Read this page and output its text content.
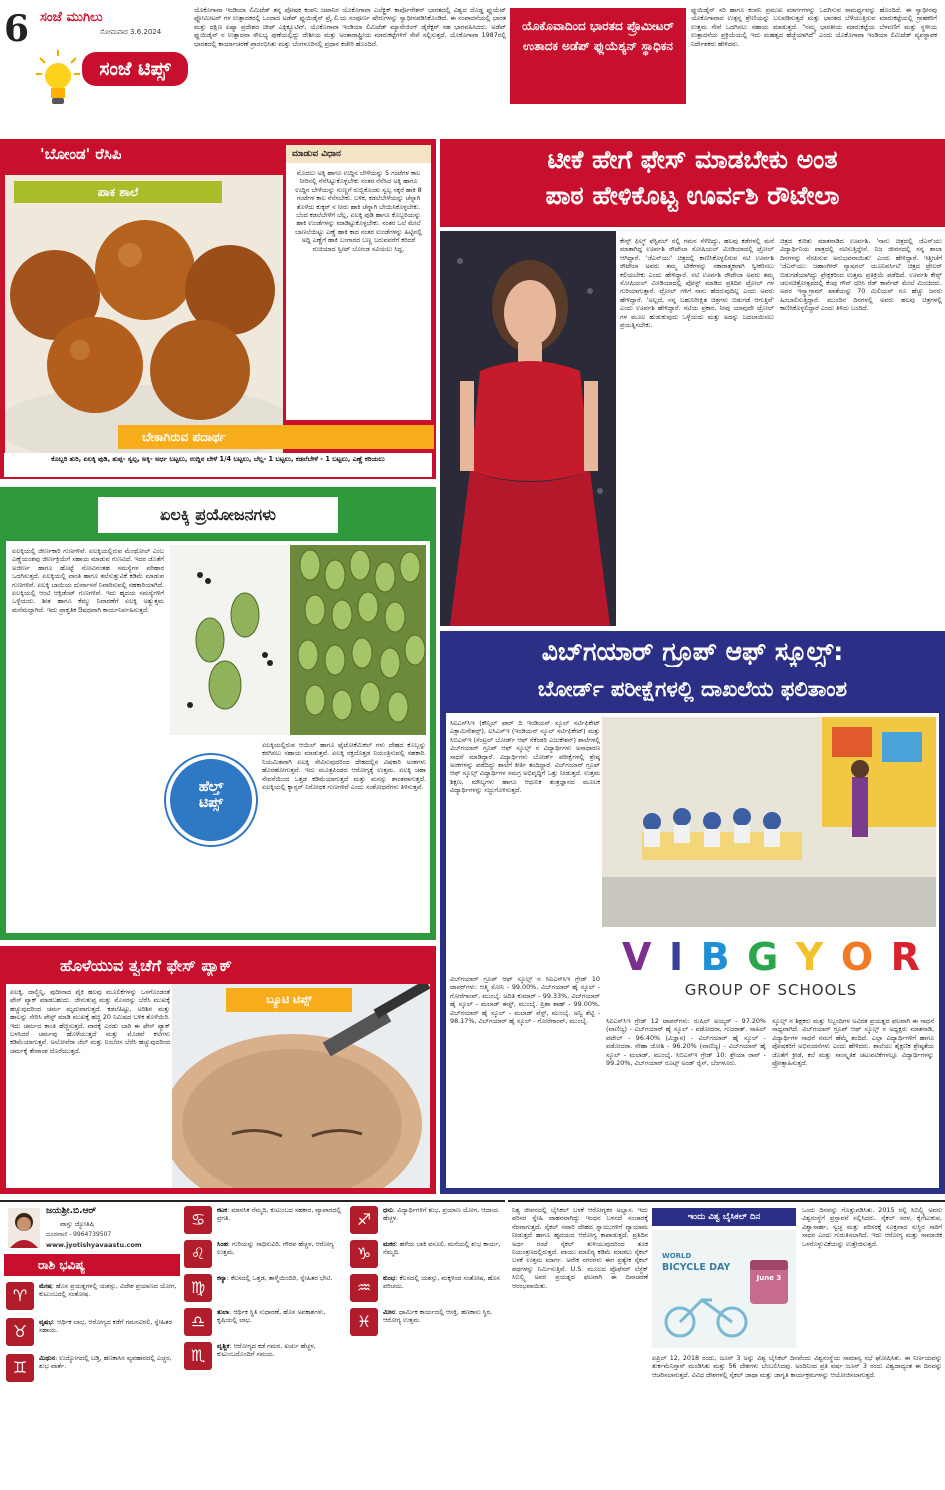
6 ಸಂಜೆ ಮುಗಿಲು
ಸೋಮವಾರ 3.6.2024
ಸಂಜೆ ಟಿಪ್ಸ್
ಯೊಕೊಗಾವಾ ಇಂಡಿಯಾ ಲಿಮಿಟೆಡ್ ತನ್ನ ಪೋಷಕ ಕಂಪನಿ ಜಪಾನಿನ ಯೊಕೊಗಾವಾ ಎಲೆಕ್ಟ್ರಿಕ್ ಕಾರ್ಪೊರೇಶನ್ ಭಾರತದಲ್ಲಿ ವಿಶ್ವದ ದೊಡ್ಡ ಫ್ಲುಯೆಟ್ ಫ್ಲೋಮೀಟರ್ ಗಳ ಉತ್ಪಾದಕರಲ್ಲಿ ಒಂದಾದ ಅಡೆಪ್ ಫ್ಲುಯಿಡೈನ್ ಪ್ರೈ.ಲಿ.ಯ ಸಂಪೂರ್ಣ ಷೇರುಗಳನ್ನು ಸ್ವಾಧೀನಪಡಿಸಿಕೊಂಡಿದೆ. ಈ ಸಂಪಾದನೆಯಲ್ಲಿ ಭಾರತ ಮತ್ತು ದಕ್ಷಿಣ ಏಷ್ಯಾ ಪ್ರದೇಶದ ಚೀಫ್ ಎಕ್ಸಿಕ್ಯೂಟಿವ್, ಯೊಕೊಗಾವಾ ಇಂಡಿಯಾ ಲಿಮಿಟೆಡ್ ಮ್ಯಾನೇಜಿಂಗ್ ಡೈರೆಕ್ಟರ್ ಸಹ ಭಾಗವಹಿಸಿದರು. ಅಡೆಪ್ ಫ್ಲುಯಿಡೈನ್ ನ ಉತ್ಪಾದನಾ ಸೌಲಭ್ಯ ಪುಣೆಯಲ್ಲಿದ್ದು ದೇಶೀಯ ಮತ್ತು ಅಂತಾರಾಷ್ಟ್ರೀಯ ಮಾರುಕಟ್ಟೆಗಳಿಗೆ ಸೇವೆ ಸಲ್ಲಿಸುತ್ತದೆ. ಯೊಕೊಗಾವಾ 1987ರಲ್ಲಿ ಭಾರತದಲ್ಲಿ ಕಾರ್ಯಾಚರಣೆ ಪ್ರಾರಂಭಿಸಿತು ಮತ್ತು ಬೆಂಗಳೂರಿನಲ್ಲಿ ಪ್ರಧಾನ ಕಚೇರಿ ಹೊಂದಿದೆ.
ಯೊಕೊವಾದಿಂದ ಭಾರತದ ಪ್ರೊಮೀಟರ್ ಉತಾದಕ ಅಡೆಪ್ ಫ್ಲುಯೆಶ್ಯನ್ ಸ್ಥಾಧಿಕನ
ಫ್ಲುಯಿಡೈನ್ ಸರಿ ಹಾಗೂ ಕಂಪನಿ ಪ್ರಮುಖ ಮಾರ್ಗಗಳನ್ನು ಒದಗಿಸುವ ಸಾಮರ್ಥ್ಯವನ್ನು ಹೊಂದಿದೆ. ಈ ಸ್ವಾಧೀನವು ಯೊಕೊಗಾವಾದ ಉತ್ಪನ್ನ ಶ್ರೇಣಿಯನ್ನು ಬಲಪಡಿಸುತ್ತದೆ ಮತ್ತು ಭಾರತದ ಬೆಳೆಯುತ್ತಿರುವ ಮಾರುಕಟ್ಟೆಯಲ್ಲಿ ಗ್ರಾಹಕರಿಗೆ ಉತ್ತಮ ಸೇವೆ ಒದಗಿಸಲು ಸಹಾಯ ಮಾಡುತ್ತದೆ. "ನಮ್ಮ ಭಾರತೀಯ ಮಾರುಕಟ್ಟೆಯ ಬೆಳವಣಿಗೆ ಮತ್ತು ಸ್ಥಳೀಯ ಉತ್ಪಾದನೆಯ ಪ್ರಕ್ರಿಯೆಯಲ್ಲಿ ಇದು ಮಹತ್ವದ ಹೆಜ್ಜೆಯಾಗಿದೆ" ಎಂದು ಯೊಕೊಗಾವಾ ಇಂಡಿಯಾ ಲಿಮಿಟೆಡ್ ವ್ಯವಸ್ಥಾಪಕ ನಿರ್ದೇಶಕರು ಹೇಳಿದರು.
'ಬೋಂಡ' ರೆಸಿಪಿ
ಪಾಕ ಶಾಲೆ
ಮಾಡುವ ವಿಧಾನ
ಮೊದಲು ಅಕ್ಕಿ ಹಾಗೂ ಉದ್ದಿನ ಬೇಳೆಯನ್ನು 5 ಗಂಟೆಗಳ ಕಾಲ ನೀರಿನಲ್ಲಿ ನೆನೆಸಿಟ್ಟುಕೊಳ್ಳಬೇಕು ನಂತರ ನೆನೆಸಿದ ಅಕ್ಕಿ ಹಾಗೂ ಉದ್ದಿನ ಬೇಳೆಯನ್ನು ನುಣ್ಣಗೆ ರುಬ್ಬಿಕೊಂಡು ಸ್ವಲ್ಪ ಸಕ್ಕರೆ ಹಾಕಿ 8 ಗಂಟೆಗಳ ಕಾಲ ನೆನೆಸಬೇಕು. ಬಳಿಕ, ಕಡಲೆಬೇಳೆಯನ್ನು ಚೆನ್ನಾಗಿ ತೊಳೆದು ಕುಕ್ಕರ್ ನ ನೀರು ಹಾಕಿ ಚೆನ್ನಾಗಿ ಬೇಯಿಸಿಕೊಳ್ಳಬೇಕು. ಬೆಂದ ಕಡಲೆಬೇಳೆಗೆ ಬೆಲ್ಲ, ಏಲಕ್ಕಿ ಪುಡಿ ಹಾಗೂ ಕೊಬ್ಬರಿಯನ್ನು ಹಾಕಿ ಉಂಡೆಗಳನ್ನು ಮಾಡಿಟ್ಟುಕೊಳ್ಳಬೇಕು. ನಂತರ ಒಲೆ ಮೇಲೆ ಬಾಣಲೆಯಿಟ್ಟು ಎಣ್ಣೆ ಹಾಕಿ ಕಾದ ನಂತರ ಉಂಡೆಗಳನ್ನು ಹಿಟ್ಟಿನಲ್ಲಿ ಅದ್ದಿ ಎಣ್ಣೆಗೆ ಹಾಕಿ ಬಂಗಾರದ ಬಣ್ಣ ಬರುವವರೆಗೆ ಕರಿದರೆ ರುಚಿಯಾದ ಸ್ವೀಟ್ ಬೋಂಡ ಸವಿಯಲು ಸಿದ್ಧ.
ಬೇಕಾಗಿರುವ ಪದಾರ್ಥ
ಕೊಬ್ಬರಿ ತುರಿ, ಏಲಕ್ಕಿ ಪುಡಿ, ತುಪ್ಪ- ಸ್ವಲ್ಪ, ಅಕ್ಕಿ- ಅರ್ಧ ಬಟ್ಟಲು, ಉದ್ದಿನ ಬೇಳೆ 1/4 ಬಟ್ಟಲು, ಬೆಲ್ಲ- 1 ಬಟ್ಟಲು, ಕಡಲೆಬೇಳೆ - 1 ಬಟ್ಟಲು, ಎಣ್ಣೆ ಕರಿಯಲು
ಏಲಕ್ಕಿ ಪ್ರಯೋಜನಗಳು
ಏಲಕ್ಕಿಯಲ್ಲಿ ಜೀರ್ಣಕಾರಿ ಗುಣಗಳಿವೆ. ಏಲಕ್ಕಿಯಲ್ಲಿರುವ ಮೆಂಥೋಲ್ ಎಂಬ ಎಣ್ಣೆಯಂಶವು ಜೀರ್ಣಕ್ರಿಯೆಗೆ ಸಹಾಯ ಮಾಡುವ ಗುಣವಿದೆ. ಇದರ ಜೊತೆಗೆ ಅಜೀರ್ಣ ಹಾಗೂ ಹೊಟ್ಟೆ ನೋವಿನಂತಹ ಸಮಸ್ಯೆಗಳ ಪರಿಹಾರ ಒದಗಿಸುತ್ತದೆ. ಏಲಕ್ಕಿಯಲ್ಲಿ ವಾಂತಿ ಹಾಗೂ ತಲೆಸುತ್ತುವಿಕೆ ಕಡಿಮೆ ಮಾಡುವ ಗುಣಗಳಿವೆ. ಏಲಕ್ಕಿ ಬಾಯಿಯ ದುರ್ವಾಸನೆ ನಿವಾರಿಸುವಲ್ಲಿ ಸಹಕಾರಿಯಾಗಿದೆ. ಏಲಕ್ಕಿಯಲ್ಲಿ ಆಂಟಿ ಆಕ್ಸಿಡೆಂಟ್ ಗುಣಗಳಿವೆ. ಇದು ಹೃದಯ ಸಮಸ್ಯೆಗಳಿಗೆ ಒಳ್ಳೆಯದು. ಶೀತ ಹಾಗೂ ಕೆಮ್ಮು ನಿವಾರಣೆಗೆ ಏಲಕ್ಕಿ ಅತ್ಯುತ್ತಮ ಮನೆಮದ್ದಾಗಿದೆ. ಇದು ಪ್ರಾಕೃತಿಕ ಔಷಧವಾಗಿ ಕಾರ್ಯನಿರ್ವಹಿಸುತ್ತದೆ.
ಹೆಲ್ತ್
ಟಿಪ್ಸ್
ಏಲಕ್ಕಿಯಲ್ಲಿರುವ ಆಯಿಲ್ ಹಾಗೂ ಫೈಟೋಕೆಮಿಕಲ್ ಗಳು ದೇಹದ ಕೊಬ್ಬನ್ನು ಕರಗಿಸಲು ಸಹಾಯ ಮಾಡುತ್ತವೆ. ಏಲಕ್ಕಿ ರಕ್ತದೊತ್ತಡ ನಿಯಂತ್ರಿಸುವಲ್ಲಿ ಸಹಕಾರಿ. ನಿಯಮಿತವಾಗಿ ಏಲಕ್ಕಿ ಸೇವಿಸುವುದರಿಂದ ದೇಹದಲ್ಲಿನ ವಿಷಕಾರಿ ಅಂಶಗಳು ಹೊರಹೋಗುತ್ತವೆ. ಇದು ಮೂತ್ರಪಿಂಡದ ಆರೋಗ್ಯಕ್ಕೆ ಉತ್ತಮ. ಏಲಕ್ಕಿ ಚಹಾ ಸೇವನೆಯಿಂದ ಒತ್ತಡ ಕಡಿಮೆಯಾಗುತ್ತದೆ ಮತ್ತು ಮನಸ್ಸು ಶಾಂತವಾಗುತ್ತದೆ. ಏಲಕ್ಕಿಯಲ್ಲಿ ಕ್ಯಾನ್ಸರ್ ನಿರೋಧಕ ಗುಣಗಳಿವೆ ಎಂದು ಸಂಶೋಧನೆಗಳು ತಿಳಿಸುತ್ತವೆ.
ಹೊಳೆಯುವ ತ್ವಚೆಗೆ ಫೇಸ್ ಪ್ಯಾಕ್
ಏಲಕ್ಕಿ, ದಾಲ್ಚಿನ್ನಿ, ಪುದೀನಾದ ಪೈಕಿ ಹಲವು ಮೂಲಿಕೆಗಳನ್ನು ಒಳಗೊಂಡಂತೆ ಫೇಸ್ ಪ್ಯಾಕ್ ಮಾಡಬಹುದು. ಜೇನುತುಪ್ಪ ಮತ್ತು ಮೊಸರನ್ನು ಬೆರೆಸಿ ಮುಖಕ್ಕೆ ಹಚ್ಚುವುದರಿಂದ ಚರ್ಮ ಮೃದುವಾಗುತ್ತದೆ. ಕಡಲೆಹಿಟ್ಟು, ಅರಿಶಿನ ಮತ್ತು ಹಾಲನ್ನು ಸೇರಿಸಿ ಪೇಸ್ಟ್ ಮಾಡಿ ಮುಖಕ್ಕೆ ಹಚ್ಚಿ 20 ನಿಮಿಷದ ಬಳಿಕ ತೊಳೆಯಿರಿ. ಇದು ಚರ್ಮದ ಕಾಂತಿ ಹೆಚ್ಚಿಸುತ್ತದೆ. ವಾರಕ್ಕೆ ಎರಡು ಬಾರಿ ಈ ಫೇಸ್ ಪ್ಯಾಕ್ ಬಳಸಿದರೆ ಚರ್ಮವು ಹೊಳೆಯುತ್ತದೆ ಮತ್ತು ಮೊಡವೆ ಕಲೆಗಳು ಕಡಿಮೆಯಾಗುತ್ತವೆ. ಅಲೋವೆರಾ ಜೆಲ್ ಮತ್ತು ನಿಂಬೆರಸ ಬೆರೆಸಿ ಹಚ್ಚುವುದರಿಂದ ಚರ್ಮಕ್ಕೆ ತೇವಾಂಶ ದೊರೆಯುತ್ತದೆ.
ಬ್ಯೂಟಿ ಟಿಪ್ಸ್
ಟೀಕೆ ಹೇಗೆ ಫೇಸ್ ಮಾಡಬೇಕು ಅಂತ
ಪಾಠ ಹೇಳಿಕೊಟ್ಟ ಊರ್ವಶಿ ರೌಟೇಲಾ
ಕೇನ್ಸ್ ಫಿಲ್ಮ್ ಫೆಸ್ಟಿವಲ್ ನಲ್ಲಿ ಗಮನ ಸೆಳೆದಿದ್ದು, ಹಲವು ಕಡೆಗಳಲ್ಲಿ ಮನೆ ಮಾತಾಗಿದ್ದ ಊರ್ವಶಿ ರೌಟೇಲಾ ಸೋಷಿಯಲ್ ಮೀಡಿಯಾದಲ್ಲಿ ಟ್ರೋಲ್ ಆಗಿದ್ದಾರೆ. 'ಜೆಎನ್‌ಯು' ಚಿತ್ರದಲ್ಲಿ ಕಾಣಿಸಿಕೊಳ್ಳಲಿರುವ ನಟಿ ಊರ್ವಶಿ ರೌಟೇಲಾ ಅವರು ತಮ್ಮ ಟೀಕೆಗಳನ್ನು ಸಕಾರಾತ್ಮಕವಾಗಿ ಸ್ವೀಕರಿಸಲು ಕಲಿಯಬೇಕು ಎಂದು ಹೇಳಿದ್ದಾರೆ. ನಟಿ ಊರ್ವಶಿ ರೌಟೇಲಾ ಅವರು ತಮ್ಮ ಸೋಷಿಯಲ್ ಮೀಡಿಯಾದಲ್ಲಿ ಪೋಸ್ಟ್ ಮಾಡಿದ ಪ್ರತಿದಿನ ಟ್ರೋಲ್ ಗಳ ಗುರಿಯಾಗುತ್ತಾರೆ. ಟ್ರೋಲ್ ಗಳಿಗೆ ನಾನು ಹೆದರುವುದಿಲ್ಲ ಎಂದು ಅವರು ಹೇಳಿದ್ದಾರೆ. 'ಅಲ್ಲದೆ, ನನ್ನ ಬಹುನಿರೀಕ್ಷಿತ ಚಿತ್ರಗಳು ಬಿಡುಗಡೆ ಆಗುತ್ತಿವೆ' ಎಂದು ಊರ್ವಶಿ ಹೇಳಿದ್ದಾರೆ. ನಟಿಯ ಪ್ರಕಾರ, ನೀವು ಯಾವುದೇ ಟ್ರೋಲ್ ಗಳ ಮೂಲ ಹುಡುಕುವುದು ಒಳ್ಳೆಯದು ಮತ್ತು ಅದನ್ನು ಬದಲಾಯಿಸಲು ಪ್ರಯತ್ನಿಸಬೇಕು.
ಚಿತ್ರದ ಕುರಿತು ಮಾತನಾಡಿದ ಊರ್ವಶಿ, 'ನಾನು ಚಿತ್ರದಲ್ಲಿ ಜೆಎನ್‌ಯು ವಿದ್ಯಾರ್ಥಿನಿಯ ಪಾತ್ರದಲ್ಲಿ ನಟಿಸುತ್ತಿದ್ದೇನೆ. ನಿಜ ಜೀವನದಲ್ಲಿ ನನ್ನ ಶಾಲಾ ದಿನಗಳನ್ನು ನೆನಪಿಸುವ ಅನುಭವವಾಯಿತು' ಎಂದು ಹೇಳಿದ್ದಾರೆ. ಇತ್ತೀಚೆಗೆ 'ಜೆಎನ್‌ಯು: ಜಹಾಂಗೀರ್ ನ್ಯಾಷನಲ್ ಯೂನಿವರ್ಸಿಟಿ' ಚಿತ್ರದ ಟ್ರೇಲರ್ ಬಿಡುಗಡೆಯಾಗಿದ್ದು ಪ್ರೇಕ್ಷಕರಿಂದ ಉತ್ತಮ ಪ್ರತಿಕ್ರಿಯೆ ಪಡೆದಿದೆ. ಊರ್ವಶಿ ಕೇನ್ಸ್ ಚಲನಚಿತ್ರೋತ್ಸವದಲ್ಲಿ ಕೆಂಪು ಗೌನ್ ಧರಿಸಿ ರೆಡ್ ಕಾರ್ಪೆಟ್ ಮೇಲೆ ಮಿಂಚಿದರು. ಅವರ ಇನ್ಸ್ಟಾಗ್ರಾಮ್ ಖಾತೆಯನ್ನು 70 ಮಿಲಿಯನ್ ಗೂ ಹೆಚ್ಚು ಜನರು ಹಿಂಬಾಲಿಸುತ್ತಿದ್ದಾರೆ. ಮುಂದಿನ ದಿನಗಳಲ್ಲಿ ಅವರು ಹಲವು ಚಿತ್ರಗಳಲ್ಲಿ ಕಾಣಿಸಿಕೊಳ್ಳಲಿದ್ದಾರೆ ಎಂದು ತಿಳಿದು ಬಂದಿದೆ.
ವಿಬ್‌ಗಯಾರ್ ಗ್ರೂಪ್ ಆಫ್ ಸ್ಕೂಲ್ಸ್:
ಬೋರ್ಡ್ ಪರೀಕ್ಷೆಗಳಲ್ಲಿ ದಾಖಲೆಯ ಫಲಿತಾಂಶ
ಸಿಐಎಸ್‌ಸಿಇ (ಕೌನ್ಸಿಲ್ ಫಾರ್ ದಿ ಇಂಡಿಯನ್ ಸ್ಕೂಲ್ ಸರ್ಟಿಫಿಕೇಟ್ ಎಕ್ಸಾಮಿನೇಶನ್ಸ್), ಐಸಿಎಸ್‌ಇ (ಇಂಡಿಯನ್ ಸ್ಕೂಲ್ ಸರ್ಟಿಫಿಕೇಟ್) ಮತ್ತು ಸಿಬಿಎಸ್‌ಇ (ಸೆಂಟ್ರಲ್ ಬೋರ್ಡ್ ಆಫ್ ಸೆಕೆಂಡರಿ ಎಜುಕೇಶನ್) ಶಾಲೆಗಳಲ್ಲಿ ವಿಬ್‌ಗಯಾರ್ ಗ್ರೂಪ್ ಆಫ್ ಸ್ಕೂಲ್ಸ್ ನ ವಿದ್ಯಾರ್ಥಿಗಳು ಅಸಾಧಾರಣ ಸಾಧನೆ ಮಾಡಿದ್ದಾರೆ. ವಿದ್ಯಾರ್ಥಿಗಳು ಬೋರ್ಡ್ ಪರೀಕ್ಷೆಗಳಲ್ಲಿ ಶ್ರೇಷ್ಠ ಅಂಕಗಳನ್ನು ಪಡೆದಿದ್ದು ಶಾಲೆಗೆ ಕೀರ್ತಿ ತಂದಿದ್ದಾರೆ. ವಿಬ್‌ಗಯಾರ್ ಗ್ರೂಪ್ ಆಫ್ ಸ್ಕೂಲ್ಸ್ ವಿದ್ಯಾರ್ಥಿಗಳ ಸಮಗ್ರ ಅಭಿವೃದ್ಧಿಗೆ ಒತ್ತು ನೀಡುತ್ತದೆ. ಉತ್ತಮ ಶಿಕ್ಷಣ, ಮೌಲ್ಯಗಳು ಹಾಗೂ ಆಧುನಿಕ ತಂತ್ರಜ್ಞಾನದ ಮೂಲಕ ವಿದ್ಯಾರ್ಥಿಗಳನ್ನು ಸಜ್ಜುಗೊಳಿಸುತ್ತದೆ.
V I B G Y O R
GROUP OF SCHOOLS
ವಿಬ್‌ಗಯಾರ್ ಗ್ರೂಪ್ ಆಫ್ ಸ್ಕೂಲ್ಸ್ ನ ಸಿಐಎಸ್‌ಸಿಇ ಗ್ರೇಡ್ 10 ಟಾಪರ್‌ಗಳು: ಆತ್ಮಿ ಸೋನಿ - 99.00%, ವಿಬ್‌ಗಯಾರ್ ಹೈ ಸ್ಕೂಲ್ - ಗೋರೆಗಾಂವ್, ಮುಂಬೈ. ಅದಿತಿ ಕುಮಾರ್ - 99.33%, ವಿಬ್‌ಗಯಾರ್ ಹೈ ಸ್ಕೂಲ್ - ಮಲಾಡ್ ಈಸ್ಟ್, ಮುಂಬೈ. ಪ್ರಿಶಾ ಶಾಹ್ - 99.00%, ವಿಬ್‌ಗಯಾರ್ ಹೈ ಸ್ಕೂಲ್ - ಮಲಾಡ್ ವೆಸ್ಟ್, ಮುಂಬೈ. ಅನ್ವಿ ಶೆಟ್ಟಿ - 98.17%, ವಿಬ್‌ಗಯಾರ್ ಹೈ ಸ್ಕೂಲ್ - ಗೋರೆಗಾಂವ್, ಮುಂಬೈ.	ಸಿಐಎಸ್‌ಸಿಇ ಗ್ರೇಡ್ 12 ಟಾಪರ್‌ಗಳು: ರುಷಿಲ್ ಅಯ್ಯರ್ - 97.20% (ವಾಣಿಜ್ಯ) - ವಿಬ್‌ಗಯಾರ್ ಹೈ ಸ್ಕೂಲ್ - ವಡೋದರಾ, ಗುಜರಾತ್. ಸಾಹಿಲ್ ಪಟೇಲ್ - 96.40% (ವಿಜ್ಞಾನ) - ವಿಬ್‌ಗಯಾರ್ ಹೈ ಸ್ಕೂಲ್ - ವಡೋದರಾ. ನೇಹಾ ಜೋಶಿ - 96.20% (ವಾಣಿಜ್ಯ) - ವಿಬ್‌ಗಯಾರ್ ಹೈ ಸ್ಕೂಲ್ - ಮಲಾಡ್, ಮುಂಬೈ. ಸಿಬಿಎಸ್‌ಇ ಗ್ರೇಡ್ 10: ಶ್ರೇಯಾ ರಾವ್ - 99.20%, ವಿಬ್‌ಗಯಾರ್ ರೂಟ್ಸ್ ಅಂಡ್ ರೈಸ್, ಬೆಂಗಳೂರು.
ಸ್ಕೂಲ್ಸ್ ನ ಶಿಕ್ಷಕರು ಮತ್ತು ಸಿಬ್ಬಂದಿಗಳ ಅವಿರತ ಪ್ರಯತ್ನದ ಫಲವಾಗಿ ಈ ಸಾಧನೆ ಸಾಧ್ಯವಾಗಿದೆ. ವಿಬ್‌ಗಯಾರ್ ಗ್ರೂಪ್ ಆಫ್ ಸ್ಕೂಲ್ಸ್ ನ ಅಧ್ಯಕ್ಷರು ಮಾತನಾಡಿ, ವಿದ್ಯಾರ್ಥಿಗಳ ಸಾಧನೆ ನಮಗೆ ಹೆಮ್ಮೆ ತಂದಿದೆ. ಎಲ್ಲಾ ವಿದ್ಯಾರ್ಥಿಗಳಿಗೆ ಹಾಗೂ ಪೋಷಕರಿಗೆ ಅಭಿನಂದನೆಗಳು ಎಂದು ಹೇಳಿದರು. ಶಾಲೆಯು ಶೈಕ್ಷಣಿಕ ಶ್ರೇಷ್ಠತೆಯ ಜೊತೆಗೆ ಕ್ರೀಡೆ, ಕಲೆ ಮತ್ತು ಸಾಂಸ್ಕೃತಿಕ ಚಟುವಟಿಕೆಗಳಲ್ಲೂ ವಿದ್ಯಾರ್ಥಿಗಳನ್ನು ಪ್ರೋತ್ಸಾಹಿಸುತ್ತದೆ.
ಜಯಶ್ರೀ.ಬಿ.ಆರ್
ವಾಸ್ತು ಜ್ಯೋತಿಷಿ
ದೂರವಾಣಿ - 9964739507
www.jyotishyavaastu.com
ರಾಶಿ ಭವಿಷ್ಯ
♈	ಮೇಷ: ಹೊಸ ಪ್ರಯತ್ನಗಳಲ್ಲಿ ಯಶಸ್ಸು, ವಿದೇಶ ಪ್ರಯಾಣದ ಯೋಗ, ಕುಟುಂಬದಲ್ಲಿ ಸಂತೋಷ.
♉	ವೃಷಭ: ಆರ್ಥಿಕ ಲಾಭ, ಆರೋಗ್ಯದ ಕಡೆಗೆ ಗಮನವಿರಲಿ, ಸ್ನೇಹಿತರ ಸಹಾಯ.
♊	ಮಿಥುನ: ಉದ್ಯೋಗದಲ್ಲಿ ಬಡ್ತಿ, ಹಣಕಾಸಿನ ವ್ಯವಹಾರದಲ್ಲಿ ಎಚ್ಚರ, ಶುಭ ವಾರ್ತೆ.
♋	ಕಟಕ: ಮಾನಸಿಕ ನೆಮ್ಮದಿ, ಕುಟುಂಬದ ಸಹಕಾರ, ವ್ಯಾಪಾರದಲ್ಲಿ ಪ್ರಗತಿ.
♌	ಸಿಂಹ: ಗುರಿಯನ್ನು ಸಾಧಿಸುವಿರಿ, ಗೌರವ ಹೆಚ್ಚಳ, ಆರೋಗ್ಯ ಉತ್ತಮ.
♍	ಕನ್ಯಾ: ಕೆಲಸದಲ್ಲಿ ಒತ್ತಡ, ತಾಳ್ಮೆಯಿಂದಿರಿ, ಸ್ನೇಹಿತರ ಭೇಟಿ.
♎	ತುಲಾ: ಆರ್ಥಿಕ ಸ್ಥಿತಿ ಸುಧಾರಣೆ, ಹೊಸ ಅವಕಾಶಗಳು, ಕೃಷಿಯಲ್ಲಿ ಲಾಭ.
♏	ವೃಶ್ಚಿಕ: ಆರೋಗ್ಯದ ಕಡೆ ಗಮನ, ಖರ್ಚು ಹೆಚ್ಚಳ, ಕುಟುಂಬದೊಂದಿಗೆ ಸಮಯ.
♐	ಧನು: ವಿದ್ಯಾರ್ಥಿಗಳಿಗೆ ಶುಭ, ಪ್ರಯಾಣ ಯೋಗ, ಆದಾಯ ಹೆಚ್ಚಳ.
♑	ಮಕರ: ಹಳೆಯ ಬಾಕಿ ವಸೂಲಿ, ಮನೆಯಲ್ಲಿ ಶುಭ ಕಾರ್ಯ, ನೆಮ್ಮದಿ.
♒	ಕುಂಭ: ಕೆಲಸದಲ್ಲಿ ಯಶಸ್ಸು, ಮಕ್ಕಳಿಂದ ಸಂತೋಷ, ಹೊಸ ಪರಿಚಯ.
♓	ಮೀನ: ಧಾರ್ಮಿಕ ಕಾರ್ಯದಲ್ಲಿ ಆಸಕ್ತಿ, ಹಣಕಾಸು ಸ್ಥಿರ, ಆರೋಗ್ಯ ಉತ್ತಮ.
ನಿತ್ಯ ಜೀವನದಲ್ಲಿ ಬೈಸಿಕಲ್ ಬಳಕೆ ಆರೋಗ್ಯಕರ ಅಭ್ಯಾಸ. ಇದು ಪರಿಸರ ಸ್ನೇಹಿ ವಾಹನವಾಗಿದ್ದು ಇಂಧನ ಬಳಸದೆ ಸಂಚಾರಕ್ಕೆ ನೆರವಾಗುತ್ತದೆ. ಸೈಕಲ್ ಸವಾರಿ ದೇಹದ ಸ್ನಾಯುಗಳಿಗೆ ವ್ಯಾಯಾಮ ನೀಡುತ್ತದೆ ಹಾಗೂ ಹೃದಯದ ಆರೋಗ್ಯ ಕಾಪಾಡುತ್ತದೆ. ಪ್ರತಿದಿನ ಅರ್ಧ ಗಂಟೆ ಸೈಕಲ್ ತುಳಿಯುವುದರಿಂದ ತೂಕ ನಿಯಂತ್ರಣದಲ್ಲಿರುತ್ತದೆ. ವಾಯು ಮಾಲಿನ್ಯ ಕಡಿಮೆ ಮಾಡಲು ಸೈಕಲ್ ಬಳಕೆ ಉತ್ತಮ ಮಾರ್ಗ. ಅನೇಕ ನಗರಗಳು ಈಗ ಪ್ರತ್ಯೇಕ ಸೈಕಲ್ ಪಥಗಳನ್ನು ನಿರ್ಮಿಸುತ್ತಿವೆ. U.S. ಮೂಲದ ಪ್ರೊಫೆಸರ್ ಲೆಸ್ಜೆಕ್ ಸಿಬಿಲ್ಸ್ಕಿ ಅವರ ಪ್ರಯತ್ನದ ಫಲವಾಗಿ ಈ ದಿನಾಚರಣೆ ಆರಂಭವಾಯಿತು.
ಇಂದು ವಿಶ್ವ ಬೈಸಿಕಲ್ ದಿನ
WORLD
BICYCLE DAY
June 3
ಒಂದು ದಿನವನ್ನು ಗೊತ್ತುಪಡಿಸಿತು. 2015 ರಲ್ಲಿ ಸಿಬಿಲ್ಸ್ಕಿ ಅವರು ವಿಶ್ವಸಂಸ್ಥೆಗೆ ಪ್ರಸ್ತಾವನೆ ಸಲ್ಲಿಸಿದರು. ಸೈಕಲ್ ಸರಳ, ಕೈಗೆಟುಕುವ, ವಿಶ್ವಾಸಾರ್ಹ, ಸ್ವಚ್ಛ ಮತ್ತು ಪರಿಸರಕ್ಕೆ ಸೂಕ್ತವಾದ ಸುಸ್ಥಿರ ಸಾರಿಗೆ ಸಾಧನ ಎಂದು ಗುರುತಿಸಲಾಗಿದೆ. ಇದು ಆರೋಗ್ಯ ಮತ್ತು ಸಾಮಾಜಿಕ ಒಳಗೊಳ್ಳುವಿಕೆಯನ್ನು ಉತ್ತೇಜಿಸುತ್ತದೆ.
ಏಪ್ರಿಲ್ 12, 2018 ರಂದು, ಜೂನ್ 3 ಅನ್ನು ವಿಶ್ವ ಬೈಸಿಕಲ್ ದಿನವೆಂದು ವಿಶ್ವಸಂಸ್ಥೆಯ ಸಾಮಾನ್ಯ ಸಭೆ ಘೋಷಿಸಿತು. ಈ ನಿರ್ಣಯವನ್ನು ತುರ್ಕಮೆನಿಸ್ತಾನ್ ಮಂಡಿಸಿತು ಮತ್ತು 56 ದೇಶಗಳು ಬೆಂಬಲಿಸಿದವು. ಅಂದಿನಿಂದ ಪ್ರತಿ ವರ್ಷ ಜೂನ್ 3 ರಂದು ವಿಶ್ವದಾದ್ಯಂತ ಈ ದಿನವನ್ನು ಆಚರಿಸಲಾಗುತ್ತದೆ. ವಿವಿಧ ದೇಶಗಳಲ್ಲಿ ಸೈಕಲ್ ಜಾಥಾ ಮತ್ತು ಜಾಗೃತಿ ಕಾರ್ಯಕ್ರಮಗಳನ್ನು ಆಯೋಜಿಸಲಾಗುತ್ತದೆ.
